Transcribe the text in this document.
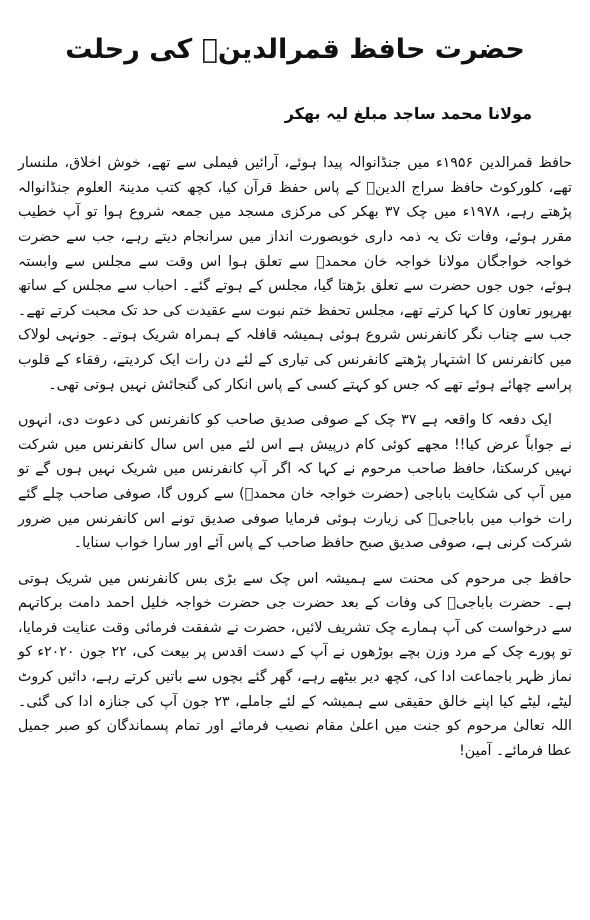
حضرت حافظ قمرالدینؒ کی رحلت
مولانا محمد ساجد مبلغ لیہ بھکر

حافظ قمرالدین ۱۹۵۶ء میں جنڈانوالہ پیدا ہوئے، آرائیں فیملی سے تھے، خوش اخلاق، ملنسار تھے، کلورکوٹ حافظ سراج الدینؒ کے پاس حفظ قرآن کیا، کچھ کتب مدینۃ العلوم جنڈانوالہ پڑھتے رہے، ۱۹۷۸ء میں چک ۳۷ بھکر کی مرکزی مسجد میں جمعہ شروع ہوا تو آپ خطیب مقرر ہوئے، وفات تک یہ ذمہ داری خوبصورت انداز میں سرانجام دیتے رہے، جب سے حضرت خواجہ خواجگان مولانا خواجہ خان محمدؒ سے تعلق ہوا اس وقت سے مجلس سے وابستہ ہوئے، جوں جوں حضرت سے تعلق بڑھتا گیا، مجلس کے ہوتے گئے۔ احباب سے مجلس کے ساتھ بھرپور تعاون کا کہا کرتے تھے، مجلس تحفظ ختم نبوت سے عقیدت کی حد تک محبت کرتے تھے۔ جب سے چناب نگر کانفرنس شروع ہوئی ہمیشہ قافلہ کے ہمراہ شریک ہوتے۔ جونہی لولاک میں کانفرنس کا اشتہار پڑھتے کانفرنس کی تیاری کے لئے دن رات ایک کردیتے، رفقاء کے قلوب پراسے چھائے ہوئے تھے کہ جس کو کہتے کسی کے پاس انکار کی گنجائش نہیں ہوتی تھی۔

ایک دفعہ کا واقعہ ہے ۳۷ چک کے صوفی صدیق صاحب کو کانفرنس کی دعوت دی، انہوں نے جواباً عرض کیا!! مجھے کوئی کام درپیش ہے اس لئے میں اس سال کانفرنس میں شرکت نہیں کرسکتا، حافظ صاحب مرحوم نے کہا کہ اگر آپ کانفرنس میں شریک نہیں ہوں گے تو میں آپ کی شکایت باباجی (حضرت خواجہ خان محمدؒ) سے کروں گا، صوفی صاحب چلے گئے رات خواب میں باباجیؒ کی زیارت ہوئی فرمایا صوفی صدیق تونے اس کانفرنس میں ضرور شرکت کرنی ہے، صوفی صدیق صبح حافظ صاحب کے پاس آئے اور سارا خواب سنایا۔

حافظ جی مرحوم کی محنت سے ہمیشہ اس چک سے بڑی بس کانفرنس میں شریک ہوتی ہے۔ حضرت باباجیؒ کی وفات کے بعد حضرت جی حضرت خواجہ خلیل احمد دامت برکاتہم سے درخواست کی آپ ہمارے چک تشریف لائیں، حضرت نے شفقت فرمائی وقت عنایت فرمایا، تو پورے چک کے مرد وزن بچے بوڑھوں نے آپ کے دست اقدس پر بیعت کی، ۲۲ جون ۲۰۲۰ء کو نماز ظہر باجماعت ادا کی، کچھ دیر بیٹھے رہے، گھر گئے بچوں سے باتیں کرتے رہے، دائیں کروٹ لیٹے، لیٹے کیا اپنے خالق حقیقی سے ہمیشہ کے لئے جاملے، ۲۳ جون آپ کی جنازہ ادا کی گئی۔ اللہ تعالیٰ مرحوم کو جنت میں اعلیٰ مقام نصیب فرمائے اور تمام پسماندگان کو صبر جمیل عطا فرمائے۔ آمین!
